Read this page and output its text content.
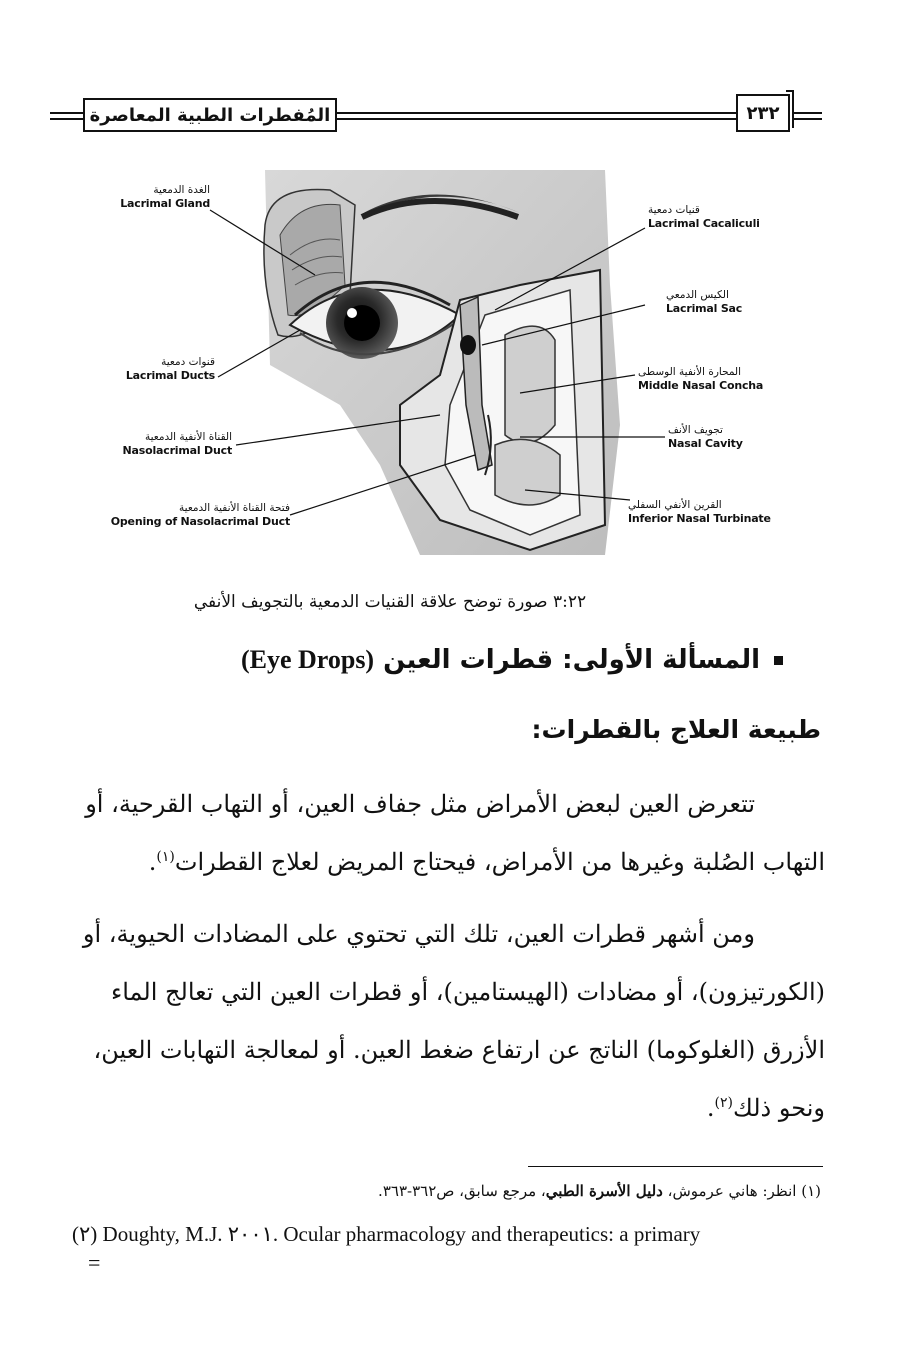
المُفطرات الطبية المعاصرة	٢٣٢
الغدة الدمعية
Lacrimal Gland
قنوات دمعية
Lacrimal Ducts
القناة الأنفية الدمعية
Nasolacrimal Duct
فتحة القناة الأنفية الدمعية
Opening of Nasolacrimal Duct
قنيات دمعية
Lacrimal Cacaliculi
الكيس الدمعي
Lacrimal Sac
المحارة الأنفية الوسطى
Middle Nasal Concha
تجويف الأنف
Nasal Cavity
القرين الأنفي السفلي
Inferior Nasal Turbinate
٣:٢٢ صورة توضح علاقة القنيات الدمعية بالتجويف الأنفي
المسألة الأولى: قطرات العين (Eye Drops)
طبيعة العلاج بالقطرات:

تتعرض العين لبعض الأمراض مثل جفاف العين، أو التهاب القرحية، أو

التهاب الصُلبة وغيرها من الأمراض، فيحتاج المريض لعلاج القطرات$^{(١)}$.

ومن أشهر قطرات العين، تلك التي تحتوي على المضادات الحيوية، أو

(الكورتيزون)، أو مضادات (الهيستامين)، أو قطرات العين التي تعالج الماء

الأزرق (الغلوكوما) الناتج عن ارتفاع ضغط العين. أو لمعالجة التهابات العين،

ونحو ذلك$^{(٢)}$.

(١) انظر: هاني عرموش، دليل الأسرة الطبي، مرجع سابق، ص٣٦٢-٣٦٣.
(٢) Doughty, M.J. ٢٠٠١. Ocular pharmacology and therapeutics: a primary
=
